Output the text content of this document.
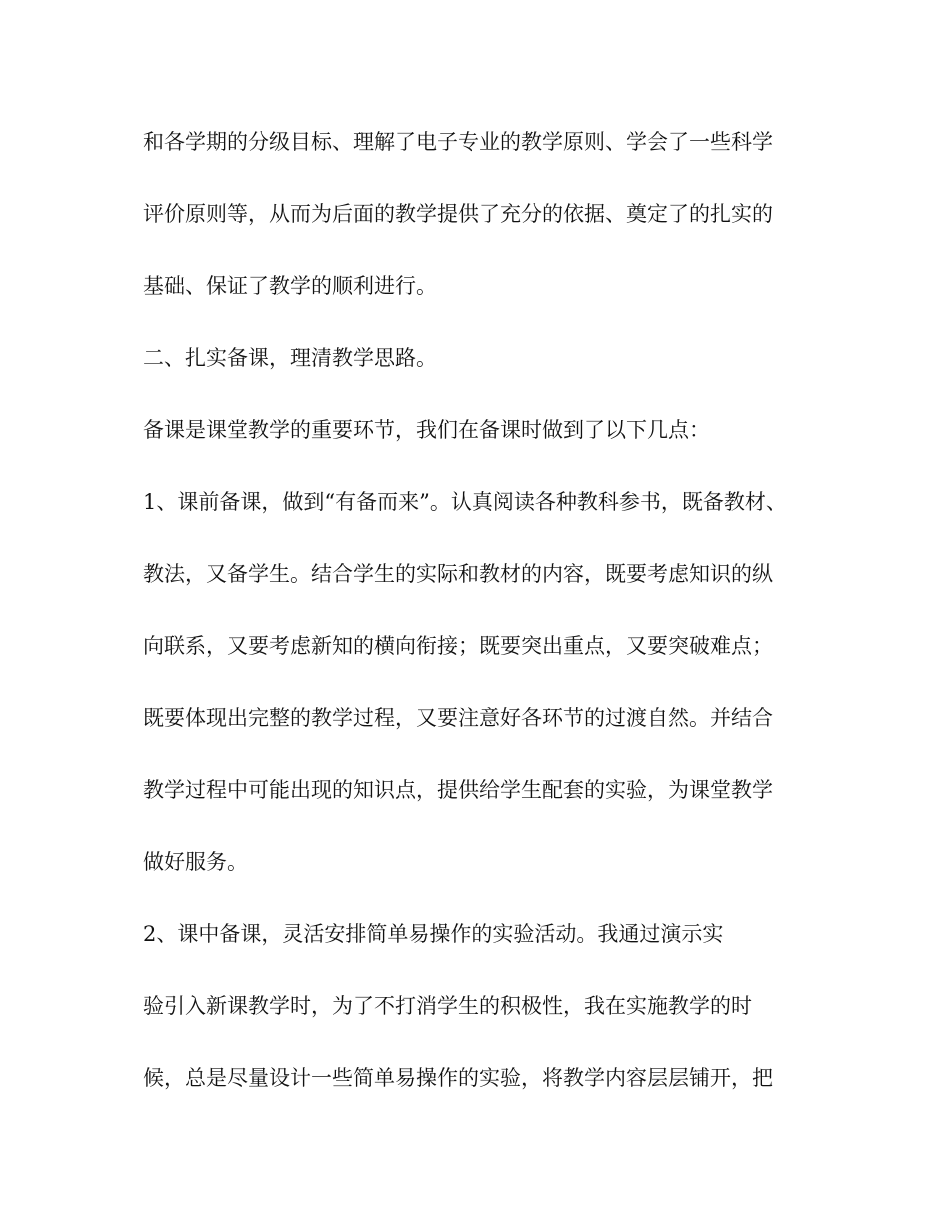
和各学期的分级目标、理解了电子专业的教学原则、学会了一些科学

评价原则等，从而为后面的教学提供了充分的依据、奠定了的扎实的

基础、保证了教学的顺利进行。

二、扎实备课，理清教学思路。

备课是课堂教学的重要环节，我们在备课时做到了以下几点：

1、课前备课，做到“有备而来”。认真阅读各种教科参书，既备教材、

教法，又备学生。结合学生的实际和教材的内容，既要考虑知识的纵

向联系，又要考虑新知的横向衔接；既要突出重点，又要突破难点；

既要体现出完整的教学过程，又要注意好各环节的过渡自然。并结合

教学过程中可能出现的知识点，提供给学生配套的实验，为课堂教学

做好服务。

2、课中备课，灵活安排简单易操作的实验活动。我通过演示实

验引入新课教学时，为了不打消学生的积极性，我在实施教学的时

候，总是尽量设计一些简单易操作的实验，将教学内容层层铺开，把
